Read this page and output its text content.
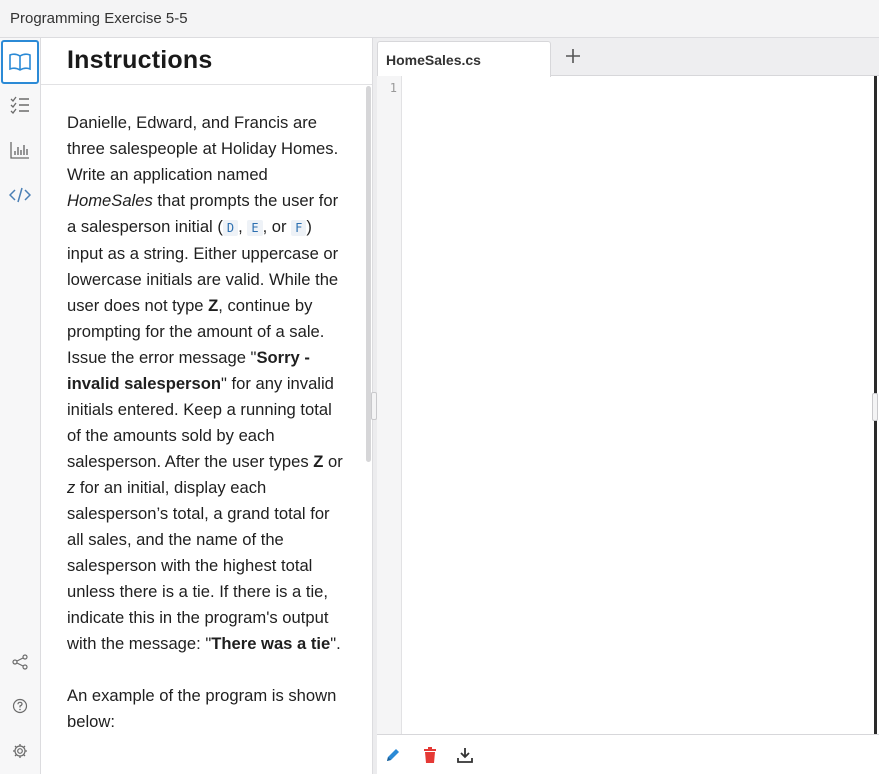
Programming Exercise 5-5
Instructions

Danielle, Edward, and Francis are three salespeople at Holiday Homes. Write an application named HomeSales that prompts the user for a salesperson initial ( D , E , or F ) input as a string. Either uppercase or lowercase initials are valid. While the user does not type Z, continue by prompting for the amount of a sale. Issue the error message "Sorry - invalid salesperson" for any invalid initials entered. Keep a running total of the amounts sold by each salesperson. After the user types Z or z for an initial, display each salesperson’s total, a grand total for all sales, and the name of the salesperson with the highest total unless there is a tie. If there is a tie, indicate this in the program's output with the message: "There was a tie".

An example of the program is shown below:

HomeSales.cs
1
